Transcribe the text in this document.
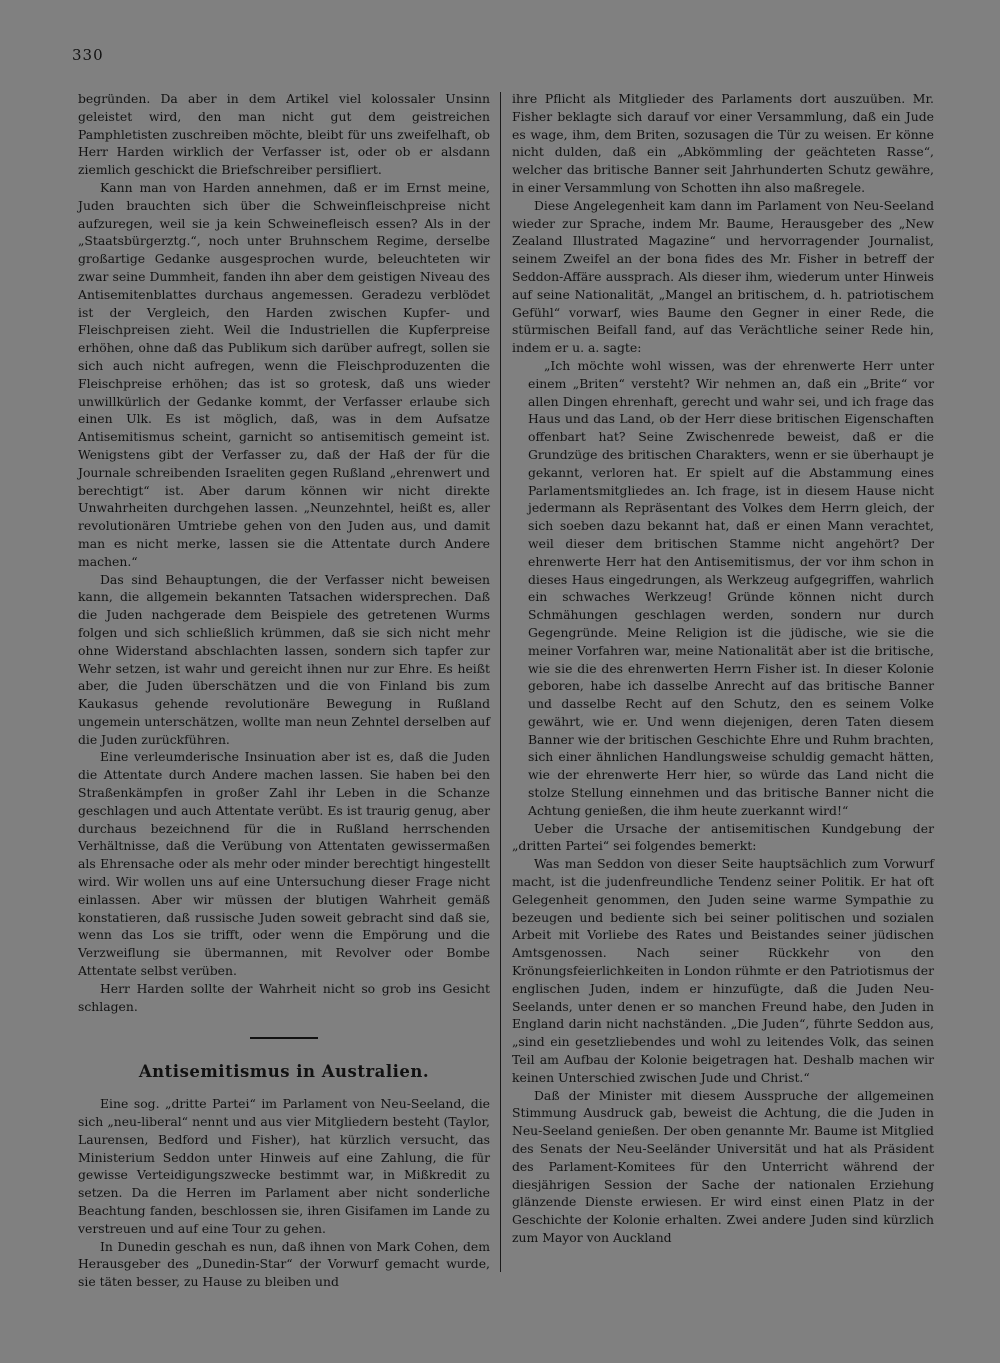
330

begründen. Da aber in dem Artikel viel kolossaler Unsinn geleistet wird, den man nicht gut dem geistreichen Pamphletisten zuschreiben möchte, bleibt für uns zweifelhaft, ob Herr Harden wirklich der Verfasser ist, oder ob er alsdann ziemlich geschickt die Briefschreiber persifliert.

Kann man von Harden annehmen, daß er im Ernst meine, Juden brauchten sich über die Schweinfleischpreise nicht aufzuregen, weil sie ja kein Schweinefleisch essen? Als in der „Staatsbürgerztg.“, noch unter Bruhnschem Regime, derselbe großartige Gedanke ausgesprochen wurde, beleuchteten wir zwar seine Dummheit, fanden ihn aber dem geistigen Niveau des Antisemitenblattes durchaus angemessen. Geradezu verblödet ist der Vergleich, den Harden zwischen Kupfer- und Fleischpreisen zieht. Weil die Industriellen die Kupferpreise erhöhen, ohne daß das Publikum sich darüber aufregt, sollen sie sich auch nicht aufregen, wenn die Fleischproduzenten die Fleischpreise erhöhen; das ist so grotesk, daß uns wieder unwillkürlich der Gedanke kommt, der Verfasser erlaube sich einen Ulk. Es ist möglich, daß, was in dem Aufsatze Antisemitismus scheint, garnicht so antisemitisch gemeint ist. Wenigstens gibt der Verfasser zu, daß der Haß der für die Journale schreibenden Israeliten gegen Rußland „ehrenwert und berechtigt“ ist. Aber darum können wir nicht direkte Unwahrheiten durchgehen lassen. „Neunzehntel, heißt es, aller revolutionären Umtriebe gehen von den Juden aus, und damit man es nicht merke, lassen sie die Attentate durch Andere machen.“

Das sind Behauptungen, die der Verfasser nicht beweisen kann, die allgemein bekannten Tatsachen widersprechen. Daß die Juden nachgerade dem Beispiele des getretenen Wurms folgen und sich schließlich krümmen, daß sie sich nicht mehr ohne Widerstand abschlachten lassen, sondern sich tapfer zur Wehr setzen, ist wahr und gereicht ihnen nur zur Ehre. Es heißt aber, die Juden überschätzen und die von Finland bis zum Kaukasus gehende revolutionäre Bewegung in Rußland ungemein unterschätzen, wollte man neun Zehntel derselben auf die Juden zurückführen.

Eine verleumderische Insinuation aber ist es, daß die Juden die Attentate durch Andere machen lassen. Sie haben bei den Straßenkämpfen in großer Zahl ihr Leben in die Schanze geschlagen und auch Attentate verübt. Es ist traurig genug, aber durchaus bezeichnend für die in Rußland herrschenden Verhältnisse, daß die Verübung von Attentaten gewissermaßen als Ehrensache oder als mehr oder minder berechtigt hingestellt wird. Wir wollen uns auf eine Untersuchung dieser Frage nicht einlassen. Aber wir müssen der blutigen Wahrheit gemäß konstatieren, daß russische Juden soweit gebracht sind daß sie, wenn das Los sie trifft, oder wenn die Empörung und die Verzweiflung sie übermannen, mit Revolver oder Bombe Attentate selbst verüben.

Herr Harden sollte der Wahrheit nicht so grob ins Gesicht schlagen.

Antisemitismus in Australien.

Eine sog. „dritte Partei“ im Parlament von Neu-Seeland, die sich „neu-liberal“ nennt und aus vier Mitgliedern besteht (Taylor, Laurensen, Bedford und Fisher), hat kürzlich versucht, das Ministerium Seddon unter Hinweis auf eine Zahlung, die für gewisse Verteidigungszwecke bestimmt war, in Mißkredit zu setzen. Da die Herren im Parlament aber nicht sonderliche Beachtung fanden, beschlossen sie, ihren Gisifamen im Lande zu verstreuen und auf eine Tour zu gehen.

In Dunedin geschah es nun, daß ihnen von Mark Cohen, dem Herausgeber des „Dunedin-Star“ der Vorwurf gemacht wurde, sie täten besser, zu Hause zu bleiben und

ihre Pflicht als Mitglieder des Parlaments dort auszuüben. Mr. Fisher beklagte sich darauf vor einer Versammlung, daß ein Jude es wage, ihm, dem Briten, sozusagen die Tür zu weisen. Er könne nicht dulden, daß ein „Abkömmling der geächteten Rasse“, welcher das britische Banner seit Jahrhunderten Schutz gewähre, in einer Versammlung von Schotten ihn also maßregele.

Diese Angelegenheit kam dann im Parlament von Neu-Seeland wieder zur Sprache, indem Mr. Baume, Herausgeber des „New Zealand Illustrated Magazine“ und hervorragender Journalist, seinem Zweifel an der bona fides des Mr. Fisher in betreff der Seddon-Affäre aussprach. Als dieser ihm, wiederum unter Hinweis auf seine Nationalität, „Mangel an britischem, d. h. patriotischem Gefühl“ vorwarf, wies Baume den Gegner in einer Rede, die stürmischen Beifall fand, auf das Verächtliche seiner Rede hin, indem er u. a. sagte:

„Ich möchte wohl wissen, was der ehrenwerte Herr unter einem „Briten“ versteht? Wir nehmen an, daß ein „Brite“ vor allen Dingen ehrenhaft, gerecht und wahr sei, und ich frage das Haus und das Land, ob der Herr diese britischen Eigenschaften offenbart hat? Seine Zwischenrede beweist, daß er die Grundzüge des britischen Charakters, wenn er sie überhaupt je gekannt, verloren hat. Er spielt auf die Abstammung eines Parlamentsmitgliedes an. Ich frage, ist in diesem Hause nicht jedermann als Repräsentant des Volkes dem Herrn gleich, der sich soeben dazu bekannt hat, daß er einen Mann verachtet, weil dieser dem britischen Stamme nicht angehört? Der ehrenwerte Herr hat den Antisemitismus, der vor ihm schon in dieses Haus eingedrungen, als Werkzeug aufgegriffen, wahrlich ein schwaches Werkzeug! Gründe können nicht durch Schmähungen geschlagen werden, sondern nur durch Gegengründe. Meine Religion ist die jüdische, wie sie die meiner Vorfahren war, meine Nationalität aber ist die britische, wie sie die des ehrenwerten Herrn Fisher ist. In dieser Kolonie geboren, habe ich dasselbe Anrecht auf das britische Banner und dasselbe Recht auf den Schutz, den es seinem Volke gewährt, wie er. Und wenn diejenigen, deren Taten diesem Banner wie der britischen Geschichte Ehre und Ruhm brachten, sich einer ähnlichen Handlungsweise schuldig gemacht hätten, wie der ehrenwerte Herr hier, so würde das Land nicht die stolze Stellung einnehmen und das britische Banner nicht die Achtung genießen, die ihm heute zuerkannt wird!“

Ueber die Ursache der antisemitischen Kundgebung der „dritten Partei“ sei folgendes bemerkt:

Was man Seddon von dieser Seite hauptsächlich zum Vorwurf macht, ist die judenfreundliche Tendenz seiner Politik. Er hat oft Gelegenheit genommen, den Juden seine warme Sympathie zu bezeugen und bediente sich bei seiner politischen und sozialen Arbeit mit Vorliebe des Rates und Beistandes seiner jüdischen Amtsgenossen. Nach seiner Rückkehr von den Krönungsfeierlichkeiten in London rühmte er den Patriotismus der englischen Juden, indem er hinzufügte, daß die Juden Neu-Seelands, unter denen er so manchen Freund habe, den Juden in England darin nicht nachständen. „Die Juden“, führte Seddon aus, „sind ein gesetzliebendes und wohl zu leitendes Volk, das seinen Teil am Aufbau der Kolonie beigetragen hat. Deshalb machen wir keinen Unterschied zwischen Jude und Christ.“

Daß der Minister mit diesem Ausspruche der allgemeinen Stimmung Ausdruck gab, beweist die Achtung, die die Juden in Neu-Seeland genießen. Der oben genannte Mr. Baume ist Mitglied des Senats der Neu-Seeländer Universität und hat als Präsident des Parlament-Komitees für den Unterricht während der diesjährigen Session der Sache der nationalen Erziehung glänzende Dienste erwiesen. Er wird einst einen Platz in der Geschichte der Kolonie erhalten. Zwei andere Juden sind kürzlich zum Mayor von Auckland
